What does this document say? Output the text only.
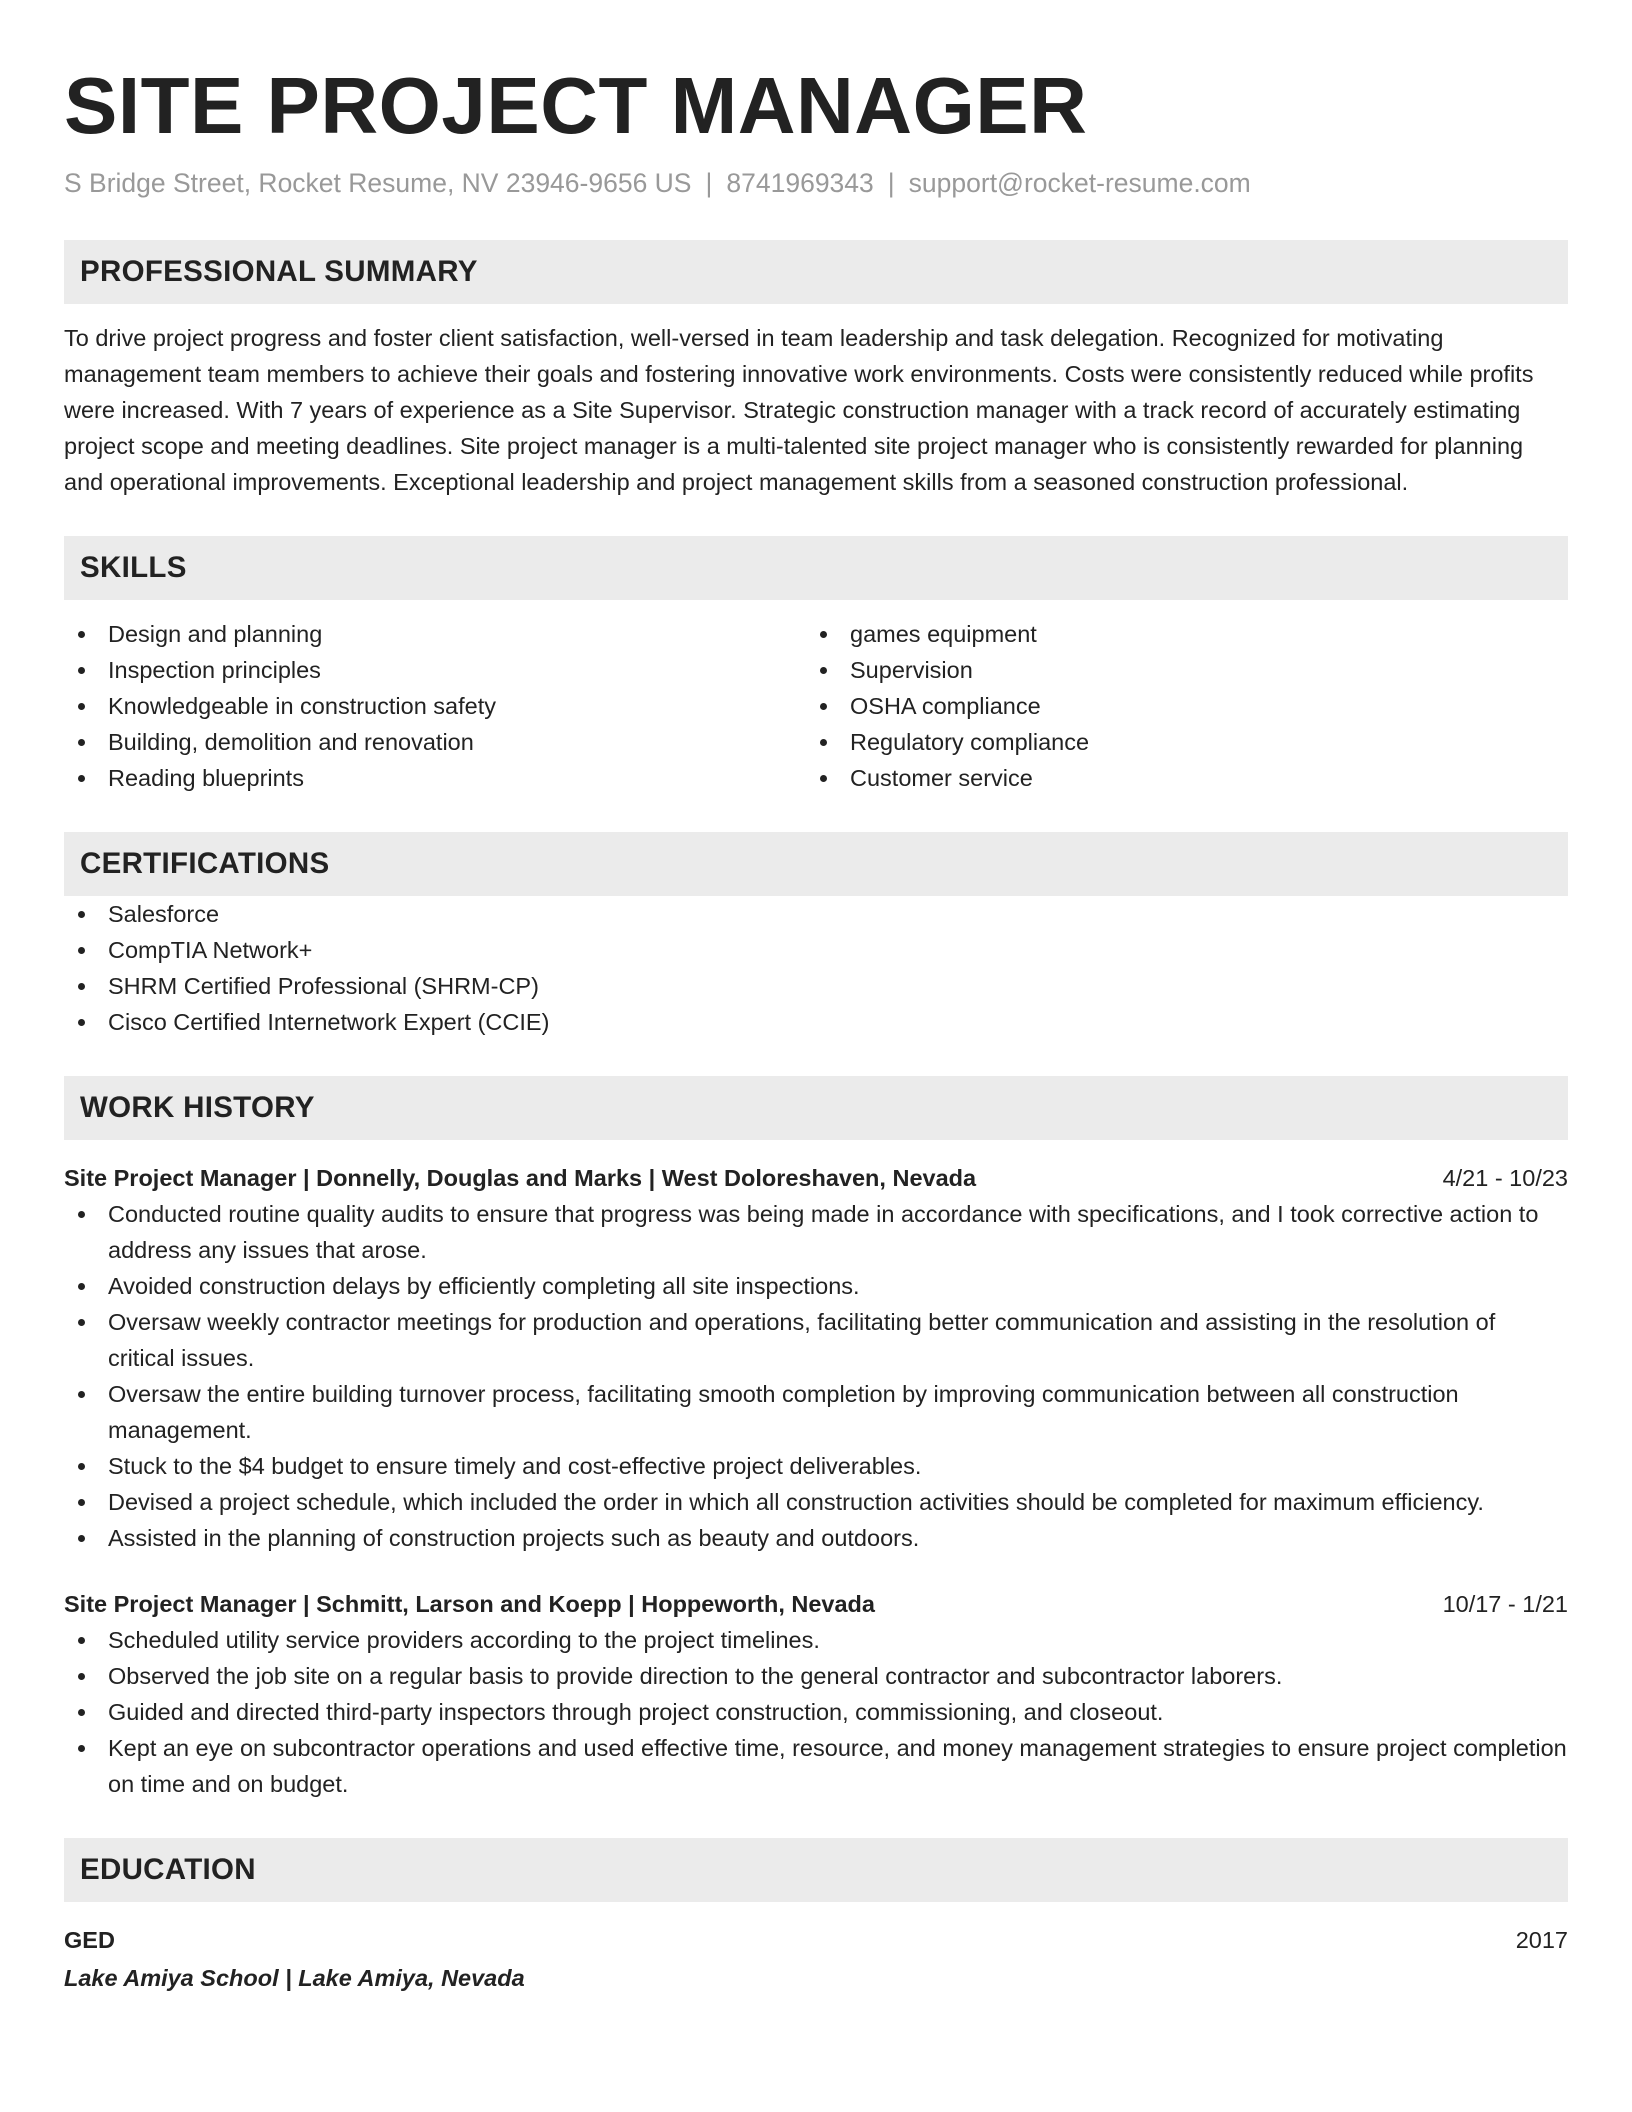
SITE PROJECT MANAGER
S Bridge Street, Rocket Resume, NV 23946-9656 US | 8741969343 | support@rocket-resume.com
PROFESSIONAL SUMMARY
To drive project progress and foster client satisfaction, well-versed in team leadership and task delegation. Recognized for motivating management team members to achieve their goals and fostering innovative work environments. Costs were consistently reduced while profits were increased. With 7 years of experience as a Site Supervisor. Strategic construction manager with a track record of accurately estimating project scope and meeting deadlines. Site project manager is a multi-talented site project manager who is consistently rewarded for planning and operational improvements. Exceptional leadership and project management skills from a seasoned construction professional.
SKILLS
Design and planning
Inspection principles
Knowledgeable in construction safety
Building, demolition and renovation
Reading blueprints
games equipment
Supervision
OSHA compliance
Regulatory compliance
Customer service
CERTIFICATIONS
Salesforce
CompTIA Network+
SHRM Certified Professional (SHRM-CP)
Cisco Certified Internetwork Expert (CCIE)
WORK HISTORY
Site Project Manager | Donnelly, Douglas and Marks | West Doloreshaven, Nevada	4/21 - 10/23
Conducted routine quality audits to ensure that progress was being made in accordance with specifications, and I took corrective action to address any issues that arose.
Avoided construction delays by efficiently completing all site inspections.
Oversaw weekly contractor meetings for production and operations, facilitating better communication and assisting in the resolution of critical issues.
Oversaw the entire building turnover process, facilitating smooth completion by improving communication between all construction management.
Stuck to the $4 budget to ensure timely and cost-effective project deliverables.
Devised a project schedule, which included the order in which all construction activities should be completed for maximum efficiency.
Assisted in the planning of construction projects such as beauty and outdoors.
Site Project Manager | Schmitt, Larson and Koepp | Hoppeworth, Nevada	10/17 - 1/21
Scheduled utility service providers according to the project timelines.
Observed the job site on a regular basis to provide direction to the general contractor and subcontractor laborers.
Guided and directed third-party inspectors through project construction, commissioning, and closeout.
Kept an eye on subcontractor operations and used effective time, resource, and money management strategies to ensure project completion on time and on budget.
EDUCATION
GED	2017
Lake Amiya School | Lake Amiya, Nevada
